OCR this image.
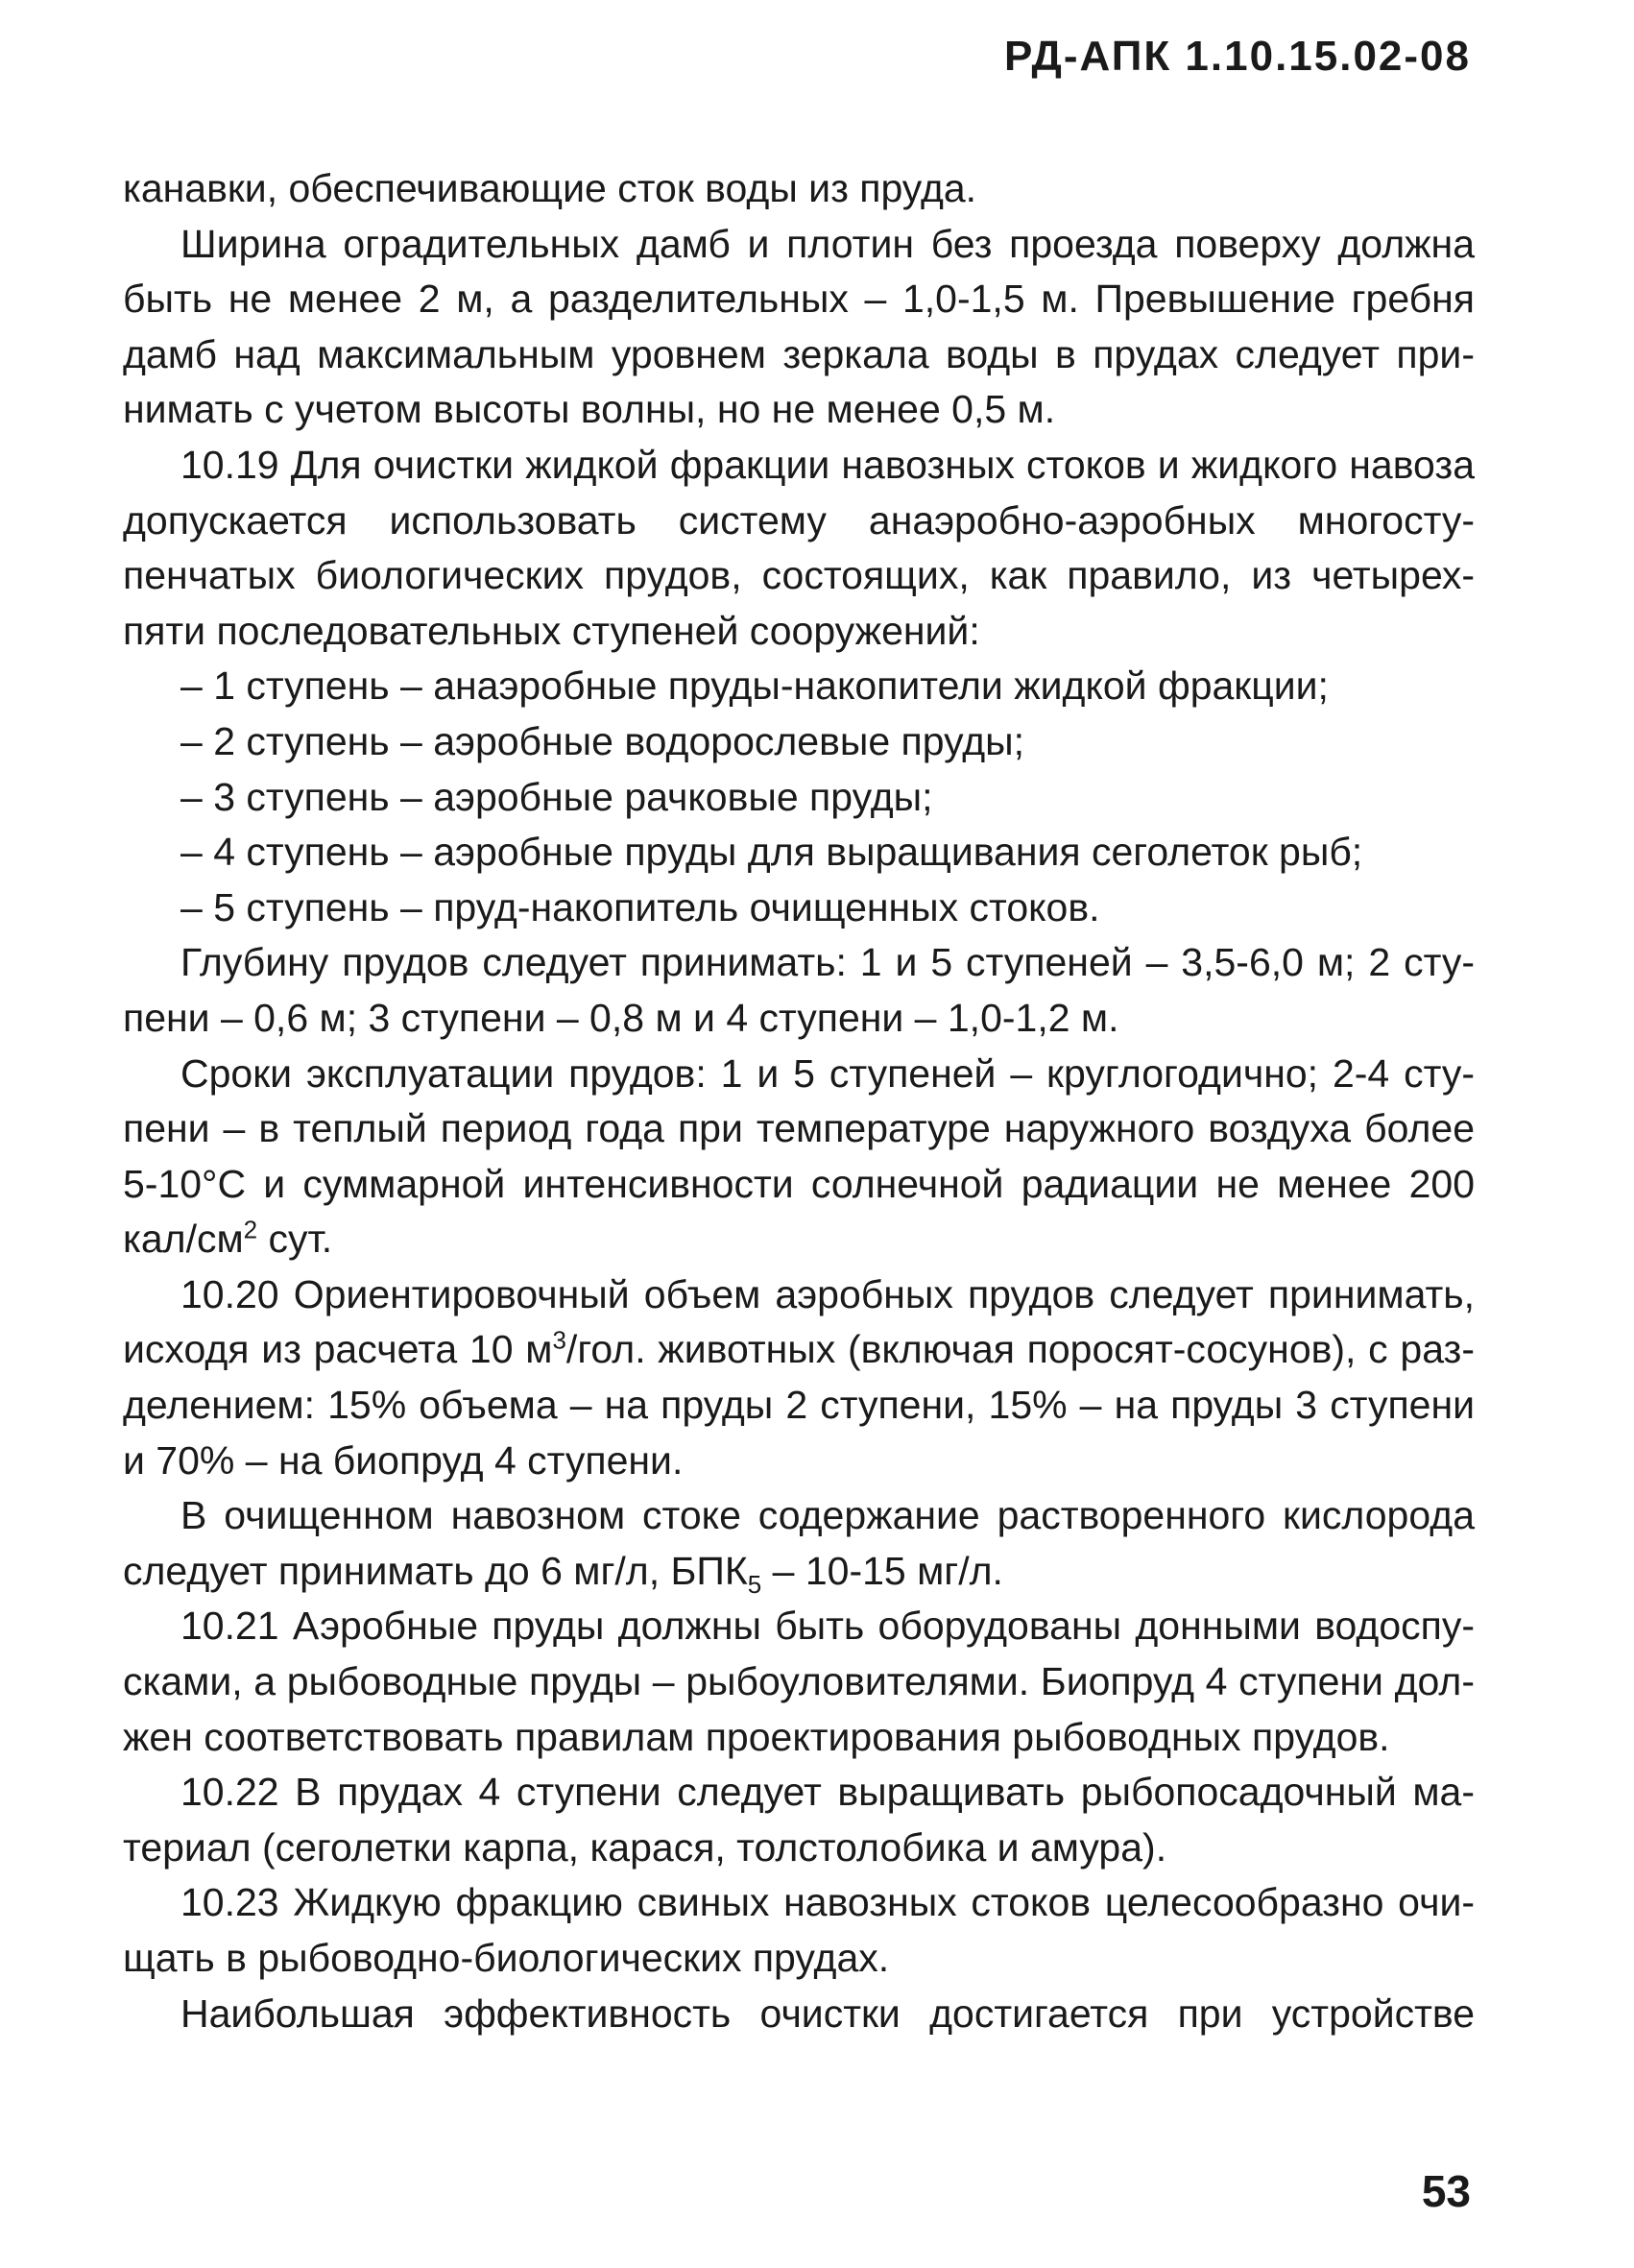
РД-АПК 1.10.15.02-08

канавки, обеспечивающие сток воды из пруда.

Ширина оградительных дамб и плотин без проезда поверху должна быть не менее 2 м, а разделительных – 1,0-1,5 м. Превышение гребня дамб над максимальным уровнем зеркала воды в прудах следует принимать с учетом высоты волны, но не менее 0,5 м.

10.19 Для очистки жидкой фракции навозных стоков и жидкого навоза допускается использовать систему анаэробно-аэробных многоступенчатых биологических прудов, состоящих, как правило, из четырех-пяти последовательных ступеней сооружений:

– 1 ступень – анаэробные пруды-накопители жидкой фракции;

– 2 ступень – аэробные водорослевые пруды;

– 3 ступень – аэробные рачковые пруды;

– 4 ступень – аэробные пруды для выращивания сеголеток рыб;

– 5 ступень – пруд-накопитель очищенных стоков.

Глубину прудов следует принимать: 1 и 5 ступеней – 3,5-6,0 м; 2 ступени – 0,6 м; 3 ступени – 0,8 м и 4 ступени – 1,0-1,2 м.

Сроки эксплуатации прудов: 1 и 5 ступеней – круглогодично; 2-4 ступени – в теплый период года при температуре наружного воздуха более 5-10°С и суммарной интенсивности солнечной радиации не менее 200 кал/$см^2$ сут.

10.20 Ориентировочный объем аэробных прудов следует принимать, исходя из расчета 10 $м^3$/гол. животных (включая поросят-сосунов), с разделением: 15% объема – на пруды 2 ступени, 15% – на пруды 3 ступени и 70% – на биопруд 4 ступени.

В очищенном навозном стоке содержание растворенного кислорода следует принимать до 6 мг/л, $БПК_5 - 10-15$ мг/л.

10.21 Аэробные пруды должны быть оборудованы донными водоспусками, а рыбоводные пруды – рыбоуловителями. Биопруд 4 ступени должен соответствовать правилам проектирования рыбоводных прудов.

10.22 В прудах 4 ступени следует выращивать рыбопосадочный материал (сеголетки карпа, карася, толстолобика и амура).

10.23 Жидкую фракцию свиных навозных стоков целесообразно очищать в рыбоводно-биологических прудах.

Наибольшая эффективность очистки достигается при устройстве

53
